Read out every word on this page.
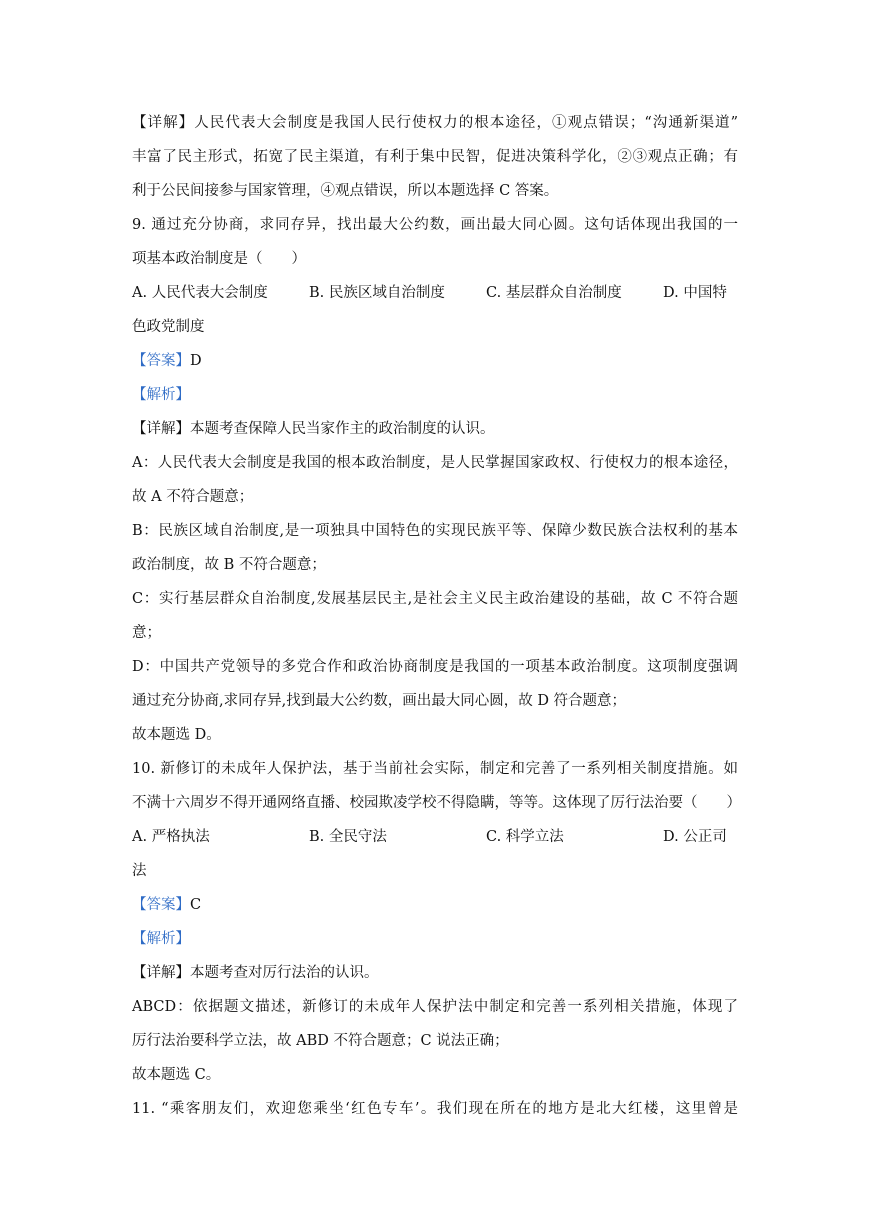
【详解】人民代表大会制度是我国人民行使权力的根本途径，①观点错误；“沟通新渠道”
丰富了民主形式，拓宽了民主渠道，有利于集中民智，促进决策科学化，②③观点正确；有
利于公民间接参与国家管理，④观点错误，所以本题选择 C 答案。
9. 通过充分协商，求同存异，找出最大公约数，画出最大同心圆。这句话体现出我国的一
项基本政治制度是（　　）
A. 人民代表大会制度	B. 民族区域自治制度	C. 基层群众自治制度	D. 中国特
色政党制度
【答案】D
【解析】
【详解】本题考查保障人民当家作主的政治制度的认识。
A：人民代表大会制度是我国的根本政治制度，是人民掌握国家政权、行使权力的根本途径，
故 A 不符合题意；
B：民族区域自治制度,是一项独具中国特色的实现民族平等、保障少数民族合法权利的基本
政治制度，故 B 不符合题意；
C：实行基层群众自治制度,发展基层民主,是社会主义民主政治建设的基础，故 C 不符合题
意；
D：中国共产党领导的多党合作和政治协商制度是我国的一项基本政治制度。这项制度强调
通过充分协商,求同存异,找到最大公约数，画出最大同心圆，故 D 符合题意；
故本题选 D。
10. 新修订的未成年人保护法，基于当前社会实际，制定和完善了一系列相关制度措施。如
不满十六周岁不得开通网络直播、校园欺凌学校不得隐瞒，等等。这体现了厉行法治要（　　）
A. 严格执法	B. 全民守法	C. 科学立法	D. 公正司
法
【答案】C
【解析】
【详解】本题考查对厉行法治的认识。
ABCD：依据题文描述，新修订的未成年人保护法中制定和完善一系列相关措施，体现了
厉行法治要科学立法，故 ABD 不符合题意；C 说法正确；
故本题选 C。
11. “乘客朋友们，欢迎您乘坐‘红色专车’。我们现在所在的地方是北大红楼，这里曾是
